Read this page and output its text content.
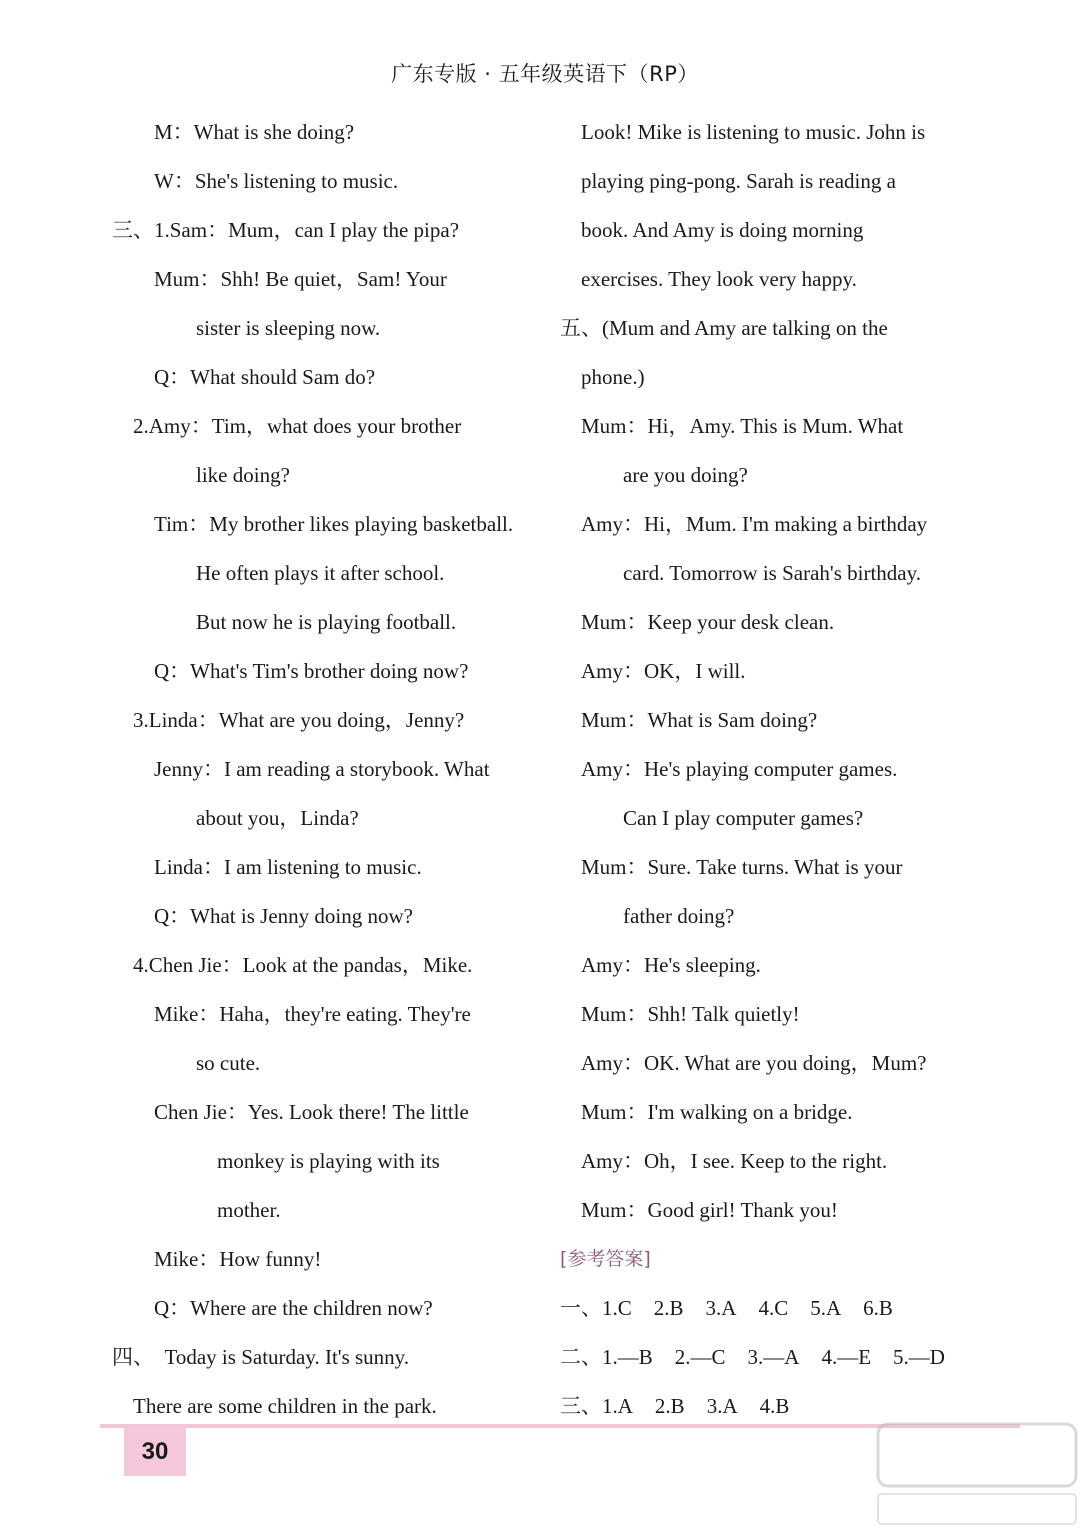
广东专版 · 五年级英语下（RP）
　　M：What is she doing?
　　W：She's listening to music.
三、1.Sam：Mum，can I play the pipa?
　　Mum：Shh! Be quiet，Sam! Your
　　　　sister is sleeping now.
　　Q：What should Sam do?
　2.Amy：Tim，what does your brother
　　　　like doing?
　　Tim：My brother likes playing basketball.
　　　　He often plays it after school.
　　　　But now he is playing football.
　　Q：What's Tim's brother doing now?
　3.Linda：What are you doing，Jenny?
　　Jenny：I am reading a storybook. What
　　　　about you，Linda?
　　Linda：I am listening to music.
　　Q：What is Jenny doing now?
　4.Chen Jie：Look at the pandas，Mike.
　　Mike：Haha，they're eating. They're
　　　　so cute.
　　Chen Jie：Yes. Look there! The little
　　　　　monkey is playing with its
　　　　　mother.
　　Mike：How funny!
　　Q：Where are the children now?
四、　Today is Saturday. It's sunny.
　There are some children in the park.
　Look! Mike is listening to music. John is
　playing ping-pong. Sarah is reading a
　book. And Amy is doing morning
　exercises. They look very happy.
五、(Mum and Amy are talking on the
　phone.)
　Mum：Hi，Amy. This is Mum. What
　　　are you doing?
　Amy：Hi，Mum. I'm making a birthday
　　　card. Tomorrow is Sarah's birthday.
　Mum：Keep your desk clean.
　Amy：OK，I will.
　Mum：What is Sam doing?
　Amy：He's playing computer games.
　　　Can I play computer games?
　Mum：Sure. Take turns. What is your
　　　father doing?
　Amy：He's sleeping.
　Mum：Shh! Talk quietly!
　Amy：OK. What are you doing，Mum?
　Mum：I'm walking on a bridge.
　Amy：Oh，I see. Keep to the right.
　Mum：Good girl! Thank you!
[参考答案]
一、 1.C 2.B 3.A 4.C 5.A 6.B
二、 1.—B 2.—C 3.—A 4.—E 5.—D
三、 1.A 2.B 3.A 4.B
30
